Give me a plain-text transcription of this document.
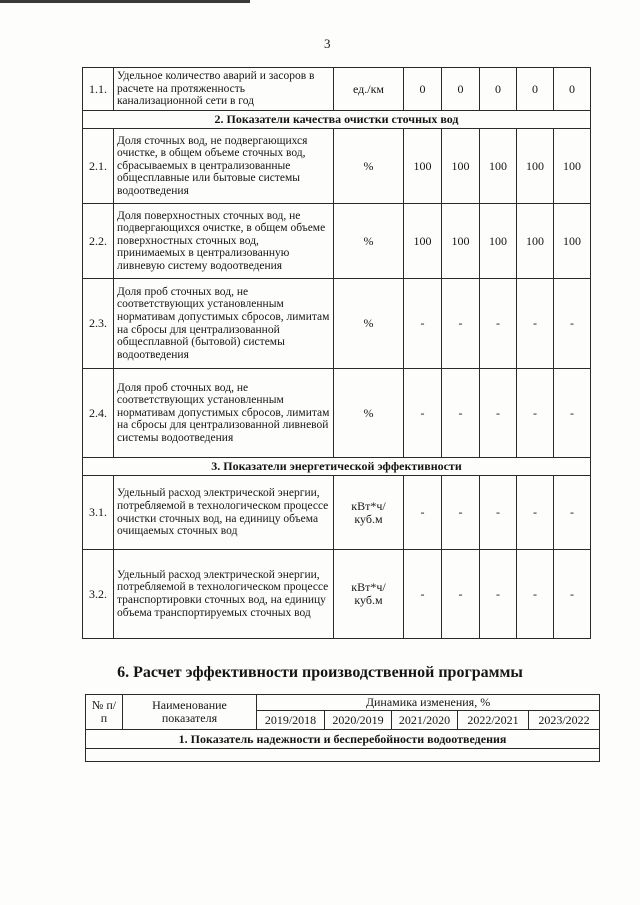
3
1.1.	Удельное количество аварий и засоров в расчете на протяженность канализационной сети в год	ед./км	0	0	0	0	0
2. Показатели качества очистки сточных вод							
2.1.	Доля сточных вод, не подвергающихся очистке, в общем объеме сточных вод, сбрасываемых в централизованные общесплавные или бытовые системы водоотведения	%	100	100	100	100	100
2.2.	Доля поверхностных сточных вод, не подвергающихся очистке, в общем объеме поверхностных сточных вод, принимаемых в централизованную ливневую систему водоотведения	%	100	100	100	100	100
2.3.	Доля проб сточных вод, не соответствующих установленным нормативам допустимых сбросов, лимитам на сбросы для централизованной общесплавной (бытовой) системы водоотведения	%	-	-	-	-	-
2.4.	Доля проб сточных вод, не соответствующих установленным нормативам допустимых сбросов, лимитам на сбросы для централизованной ливневой системы водоотведения	%	-	-	-	-	-
3. Показатели энергетической эффективности							
3.1.	Удельный расход электрической энергии, потребляемой в технологическом процессе очистки сточных вод, на единицу объема очищаемых сточных вод	кВт*ч/ куб.м	-	-	-	-	-
3.2.	Удельный расход электрической энергии, потребляемой в технологическом процессе транспортировки сточных вод, на единицу объема транспортируемых сточных вод	кВт*ч/ куб.м	-	-	-	-	-
6. Расчет эффективности производственной программы
№ п/п	Наименование показателя	Динамика изменения, %				
		2019/2018	2020/2019	2021/2020	2022/2021	2023/2022
1. Показатель надежности и бесперебойности водоотведения						
